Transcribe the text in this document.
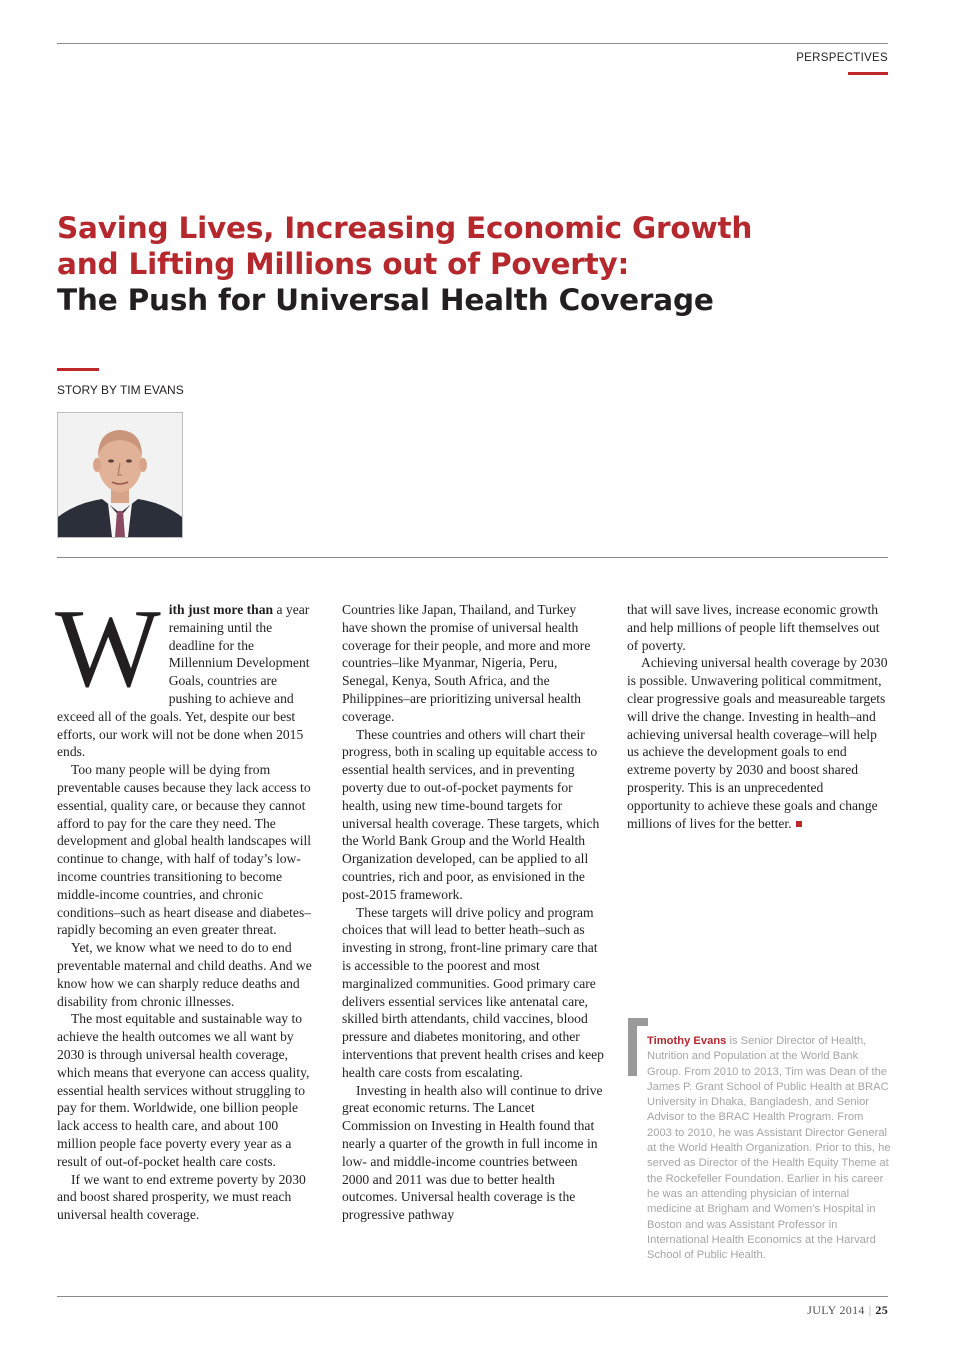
PERSPECTIVES
Saving Lives, Increasing Economic Growth
and Lifting Millions out of Poverty:
The Push for Universal Health Coverage
STORY BY TIM EVANS

With just more than a year remaining until the deadline for the Millennium Development Goals, countries are pushing to achieve and exceed all of the goals. Yet, despite our best efforts, our work will not be done when 2015 ends.

Too many people will be dying from preventable causes because they lack access to essential, quality care, or because they cannot afford to pay for the care they need. The development and global health landscapes will continue to change, with half of today’s low-income countries transitioning to become middle-income countries, and chronic conditions–such as heart disease and diabetes–rapidly becoming an even greater threat.

Yet, we know what we need to do to end preventable maternal and child deaths. And we know how we can sharply reduce deaths and disability from chronic illnesses.

The most equitable and sustainable way to achieve the health outcomes we all want by 2030 is through universal health coverage, which means that everyone can access quality, essential health services without struggling to pay for them. Worldwide, one billion people lack access to health care, and about 100 million people face poverty every year as a result of out-of-pocket health care costs.

If we want to end extreme poverty by 2030 and boost shared prosperity, we must reach universal health coverage.

Countries like Japan, Thailand, and Turkey have shown the promise of universal health coverage for their people, and more and more countries–like Myanmar, Nigeria, Peru, Senegal, Kenya, South Africa, and the Philippines–are prioritizing universal health coverage.

These countries and others will chart their progress, both in scaling up equitable access to essential health services, and in preventing poverty due to out-of-pocket payments for health, using new time-bound targets for universal health coverage. These targets, which the World Bank Group and the World Health Organization developed, can be applied to all countries, rich and poor, as envisioned in the post-2015 framework.

These targets will drive policy and program choices that will lead to better heath–such as investing in strong, front-line primary care that is accessible to the poorest and most marginalized communities. Good primary care delivers essential services like antenatal care, skilled birth attendants, child vaccines, blood pressure and diabetes monitoring, and other interventions that prevent health crises and keep health care costs from escalating.

Investing in health also will continue to drive great economic returns. The Lancet Commission on Investing in Health found that nearly a quarter of the growth in full income in low- and middle-income countries between 2000 and 2011 was due to better health outcomes. Universal health coverage is the progressive pathway

that will save lives, increase economic growth and help millions of people lift themselves out of poverty.

Achieving universal health coverage by 2030 is possible. Unwavering political commitment, clear progressive goals and measureable targets will drive the change. Investing in health–and achieving universal health coverage–will help us achieve the development goals to end extreme poverty by 2030 and boost shared prosperity. This is an unprecedented opportunity to achieve these goals and change millions of lives for the better.

Timothy Evans is Senior Director of Health, Nutrition and Population at the World Bank Group. From 2010 to 2013, Tim was Dean of the James P. Grant School of Public Health at BRAC University in Dhaka, Bangladesh, and Senior Advisor to the BRAC Health Program. From 2003 to 2010, he was Assistant Director General at the World Health Organization. Prior to this, he served as Director of the Health Equity Theme at the Rockefeller Foundation. Earlier in his career he was an attending physician of internal medicine at Brigham and Women’s Hospital in Boston and was Assistant Professor in International Health Economics at the Harvard School of Public Health.
JULY 2014 | 25
